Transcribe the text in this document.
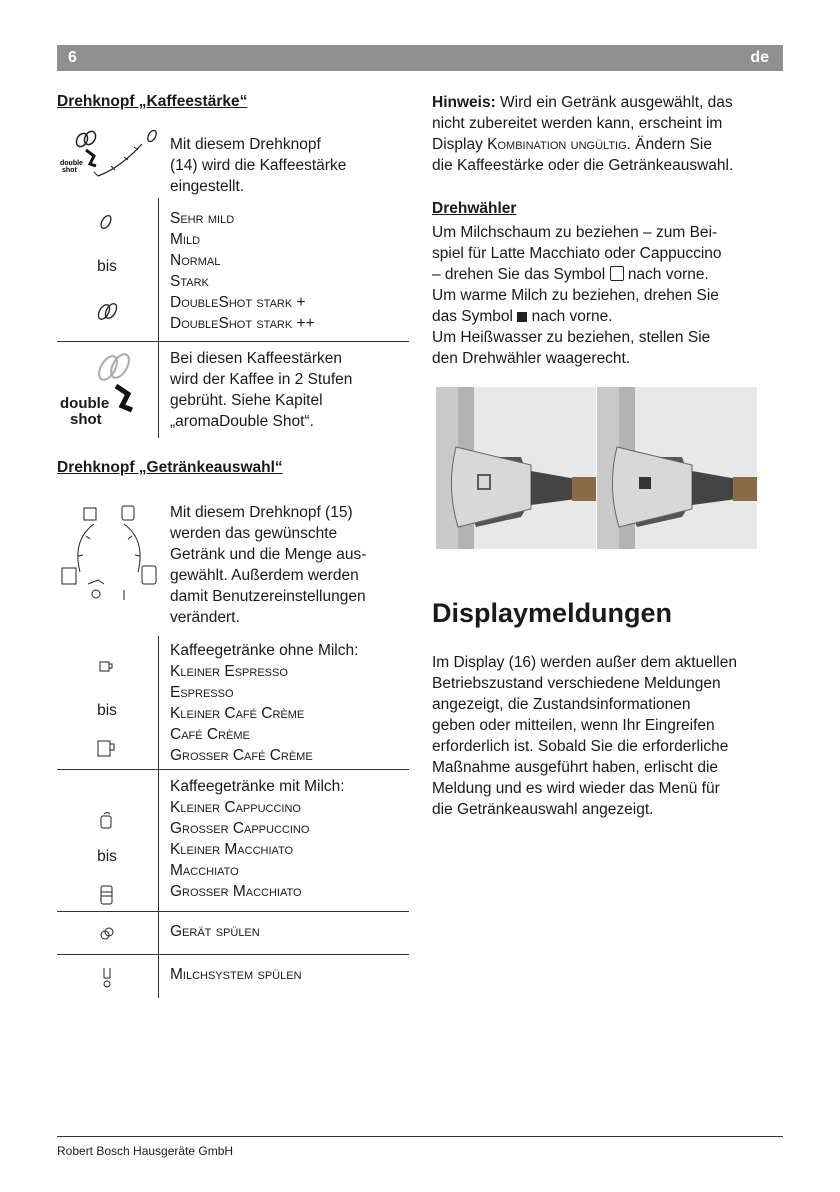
6	de
Drehknopf „Kaffeestärke“
double
shot

Mit diesem Drehknopf

(14) wird die Kaffeestärke

eingestellt.

bis

Sehr mild

Mild

Normal

Stark

DoubleShot stark +

DoubleShot stark ++

double
shot

Bei diesen Kaffeestärken

wird der Kaffee in 2 Stufen

gebrüht. Siehe Kapitel

„aromaDouble Shot“.

Drehknopf „Getränkeauswahl“

Mit diesem Drehknopf (15)

werden das gewünschte

Getränk und die Menge aus-

gewählt. Außerdem werden

damit Benutzereinstellungen

verändert.

bis

Kaffeegetränke ohne Milch:

Kleiner Espresso

Espresso

Kleiner Café Crème

Café Crème

Grosser Café Crème

bis

Kaffeegetränke mit Milch:

Kleiner Cappuccino

Grosser Cappuccino

Kleiner Macchiato

Macchiato

Grosser Macchiato

Gerät spülen
Milchsystem spülen
Hinweis: Wird ein Getränk ausgewählt, das
nicht zubereitet werden kann, erscheint im
Display Kombination ungültig. Ändern Sie
die Kaffeestärke oder die Getränkeauswahl.
Drehwähler
Um Milchschaum zu beziehen – zum Bei-
spiel für Latte Macchiato oder Cappuccino
– drehen Sie das Symbol nach vorne.
Um warme Milch zu beziehen, drehen Sie
das Symbol nach vorne.
Um Heißwasser zu beziehen, stellen Sie
den Drehwähler waagerecht.
Displaymeldungen

Im Display (16) werden außer dem aktuellen

Betriebszustand verschiedene Meldungen

angezeigt, die Zustandsinformationen

geben oder mitteilen, wenn Ihr Eingreifen

erforderlich ist. Sobald Sie die erforderliche

Maßnahme ausgeführt haben, erlischt die

Meldung und es wird wieder das Menü für

die Getränkeauswahl angezeigt.

Robert Bosch Hausgeräte GmbH
